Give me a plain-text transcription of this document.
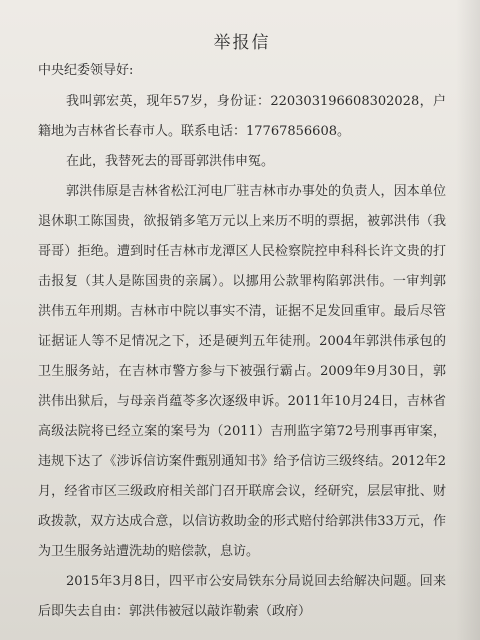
举报信
中央纪委领导好:

我叫郭宏英，现年57岁，身份证：220303196608302028，户籍地为吉林省长春市人。联系电话：17767856608。

在此，我替死去的哥哥郭洪伟申冤。

郭洪伟原是吉林省松江河电厂驻吉林市办事处的负责人，因本单位退休职工陈国贵，欲报销多笔万元以上来历不明的票据，被郭洪伟（我哥哥）拒绝。遭到时任吉林市龙潭区人民检察院控申科科长许文贵的打击报复（其人是陈国贵的亲属）。以挪用公款罪构陷郭洪伟。一审判郭洪伟五年刑期。吉林市中院以事实不清，证据不足发回重审。最后尽管证据证人等不足情况之下，还是硬判五年徒刑。2004年郭洪伟承包的卫生服务站，在吉林市警方参与下被强行霸占。2009年9月30日，郭洪伟出狱后，与母亲肖蕴苓多次逐级申诉。2011年10月24日，吉林省高级法院将已经立案的案号为（2011）吉刑监字第72号刑事再审案，违规下达了《涉诉信访案件甄别通知书》给予信访三级终结。2012年2月，经省市区三级政府相关部门召开联席会议，经研究，层层审批、财政拨款，双方达成合意，以信访救助金的形式赔付给郭洪伟33万元，作为卫生服务站遭洗劫的赔偿款，息访。

2015年3月8日，四平市公安局铁东分局说回去给解决问题。回来后即失去自由：郭洪伟被冠以敲诈勒索（政府）
